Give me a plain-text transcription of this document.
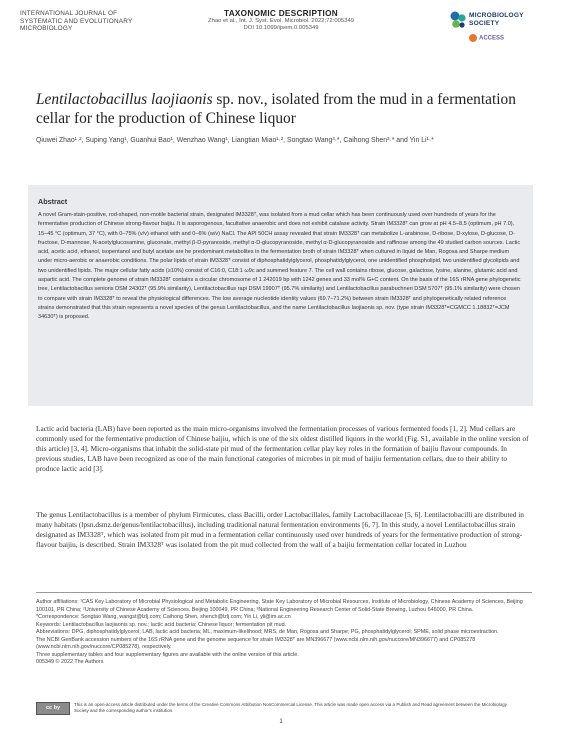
INTERNATIONAL JOURNAL OF
SYSTEMATIC AND EVOLUTIONARY
MICROBIOLOGY
TAXONOMIC DESCRIPTION
Zhao et al., Int. J. Syst. Evol. Microbiol. 2022;72:005349
DOI 10.1099/ijsem.0.005349
MICROBIOLOGY
SOCIETY
ACCESS
Lentilactobacillus laojiaonis sp. nov., isolated from the mud in a fermentation cellar for the production of Chinese liquor
Qiuwei Zhao¹·², Suping Yang¹, Guanhui Bao¹, Wenzhao Wang¹, Liangtian Miao¹·², Songtao Wang³·*, Caihong Shen³·* and Yin Li¹·*
Abstract
A novel Gram-stain-positive, rod-shaped, non-motile bacterial strain, designated IM3328ᵀ, was isolated from a mud cellar which has been continuously used over hundreds of years for the fermentative production of Chinese strong-flavour baijiu. It is asporogenous, facultative anaerobic and does not exhibit catalase activity. Strain IM3328ᵀ can grow at pH 4.5–8.5 (optimum, pH 7.0), 15–45 °C (optimum, 37 °C), with 0–75% (v/v) ethanol with and 0–6% (w/v) NaCl. The API 50CH assay revealed that strain IM3328ᵀ can metabolize L-arabinose, D-ribose, D-xylose, D-glucose, D-fructose, D-mannose, N-acetylglucosamine, gluconate, methyl β-D-pyranoside, methyl α-D-glucopyranoside, methyl α-D-glucopyranoside and raffinose among the 49 studied carbon sources. Lactic acid, acetic acid, ethanol, isopentanol and butyl acetate are he predominant metabolites in the fermentation broth of strain IM3328ᵀ when cultured in liquid de Man, Rogosa and Sharpe medium under micro-aerobic or anaerobic conditions. The polar lipids of strain IM3328ᵀ consist of diphosphatidylglycerol, phosphatidylglycerol, one unidentified phospholipid, two unidentified glycolipids and two unidentified lipids. The major cellular fatty acids (≥10%) consist of C16:0, C18:1 ω9c and summed feature 7. The cell wall contains ribose, glucose, galactose, lysine, alanine, glutamic acid and aspartic acid. The complete genome of strain IM3328ᵀ contains a circular chromosome of 1 242019 bp with 1242 genes and 33 mol% G+C content. On the basis of the 16S rRNA gene phylogenetic tree, Lentilactobacillus senioris DSM 24302ᵀ (95.9% similarity), Lentilactobacillus rapi DSM 19907ᵀ (95.7% similarity) and Lentilactobacillus parabuchneri DSM 5707ᵀ (95.1% similarity) were chosen to compare with strain IM3328ᵀ to reveal the physiological differences. The low average nucleotide identity values (69.7–71.2%) between strain IM3328ᵀ and phylogenetically related reference strains demonstrated that this strain represents a novel species of the genus Lentilactobacillus, and the name Lentilactobacillus laojiaonis sp. nov. (type strain IM3328ᵀ=CGMCC 1.18832ᵀ=JCM 34630ᵀ) is proposed.
Lactic acid bacteria (LAB) have been reported as the main micro-organisms involved the fermentation processes of various fermented foods [1, 2]. Mud cellars are commonly used for the fermentative production of Chinese baijiu, which is one of the six oldest distilled liquors in the world (Fig. S1, available in the online version of this article) [3, 4]. Micro-organisms that inhabit the solid-state pit mud of the fermentation cellar play key roles in the formation of baijiu flavour compounds. In previous studies, LAB have been recognized as one of the main functional categories of microbes in pit mud of baijiu fermentation cellars, due to their ability to produce lactic acid [3].
The genus Lentilactobacillus is a member of phylum Firmicutes, class Bacilli, order Lactobacillales, family Lactobacillaceae [5, 6]. Lentilactobacilli are distributed in many habitats (lpsn.dsmz.de/genus/lentilactobacillus), including traditional natural fermentation environments [6, 7]. In this study, a novel Lentilactobacillus strain designated as IM3328ᵀ, which was isolated from pit mud in a fermentation cellar continuously used over hundreds of years for the fermentative production of strong-flavour baijiu, is described. Strain IM3328ᵀ was isolated from the pit mud collected from the wall of a baijiu fermentation cellar located in Luzhou
Author affiliations: ¹CAS Key Laboratory of Microbial Physiological and Metabolic Engineering, State Key Laboratory of Microbial Resources, Institute of Microbiology, Chinese Academy of Sciences, Beijing 100101, PR China; ²University of Chinese Academy of Sciences, Beijing 100049, PR China; ³National Engineering Research Center of Solid-State Brewing, Luzhou 646000, PR China.
*Correspondence: Songtao Wang, wangst@lzlj.com; Caihong Shen, shench@lzlj.com; Yin Li, yli@im.ac.cn
Keywords: Lentilactobacillus laojiaonis sp. nov.; lactic acid bacteria; Chinese liquor; fermentation pit mud.
Abbreviations: DPG, diphosphatidylglycerol; LAB, lactic acid bacteria; ML, maximum-likelihood; MRS, de Man, Rogosa and Sharpe; PG, phosphatidylglycerol; SPME, solid phase microextraction.
The NCBI GenBank accession numbers of the 16S rRNA gene and the genome sequence for strain IM3328ᵀ are MN396677 (www.ncbi.nlm.nih.gov/nuccore/MN396677) and CP085278 (www.ncbi.nlm.nih.gov/nuccore/CP085278), respectively.
Three supplementary tables and four supplementary figures are available with the online version of this article.
005349 © 2022 The Authors
cc by
This is an open-access article distributed under the terms of the Creative Commons Attribution NonCommercial License. This article was made open access via a Publish and Read agreement between the Microbiology Society and the corresponding author's institution.
1
